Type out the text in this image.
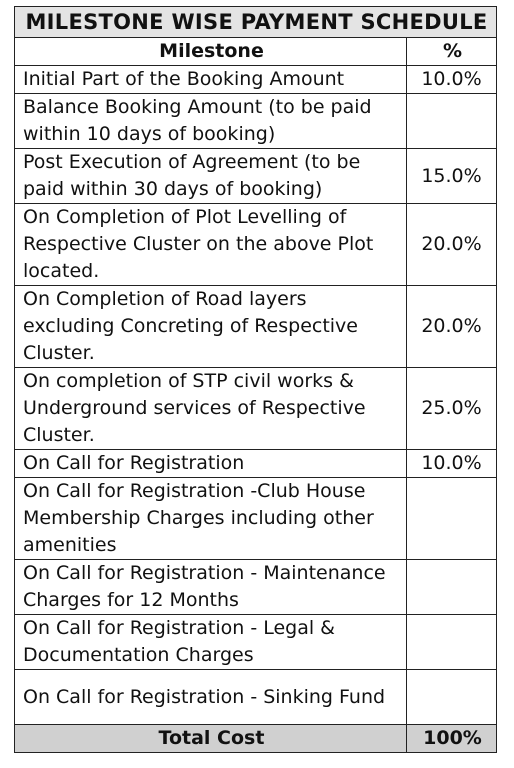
MILESTONE WISE PAYMENT SCHEDULE	
Milestone	%
Initial Part of the Booking Amount	10.0%
Balance Booking Amount (to be paid within 10 days of booking)	
Post Execution of Agreement (to be paid within 30 days of booking)	15.0%
On Completion of Plot Levelling of Respective Cluster on the above Plot located.	20.0%
On Completion of Road layers excluding Concreting of Respective Cluster.	20.0%
On completion of STP civil works & Underground services of Respective Cluster.	25.0%
On Call for Registration	10.0%
On Call for Registration -Club House Membership Charges including other amenities	
On Call for Registration - Maintenance Charges for 12 Months	
On Call for Registration - Legal & Documentation Charges	
On Call for Registration - Sinking Fund	
Total Cost	100%
